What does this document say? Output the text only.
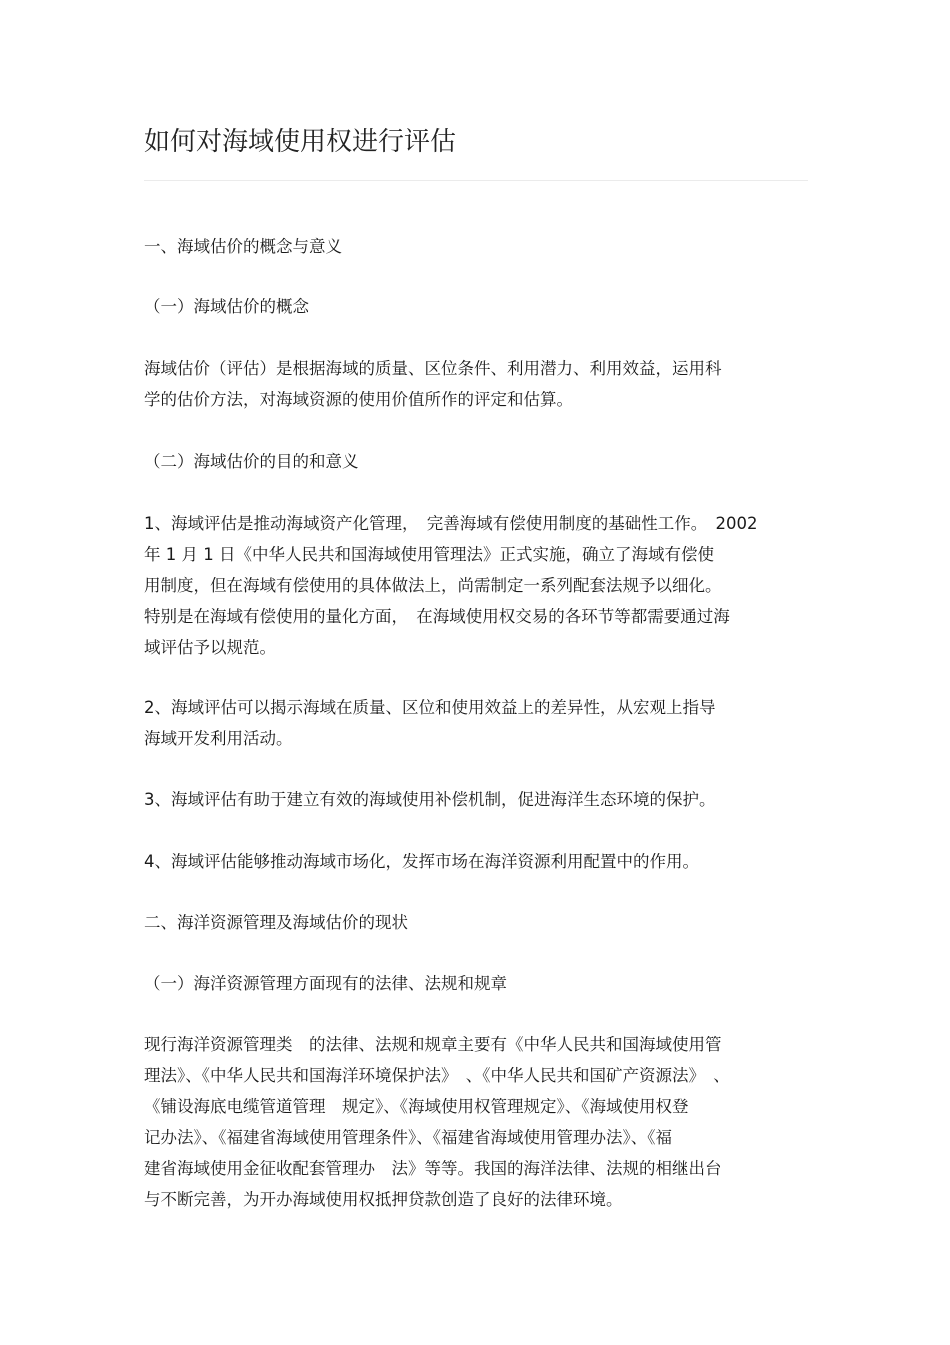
如何对海域使用权进行评估
一、海域估价的概念与意义
（一）海域估价的概念
海域估价（评估）是根据海域的质量、区位条件、利用潜力、利用效益，运用科
学的估价方法，对海域资源的使用价值所作的评定和估算。
（二）海域估价的目的和意义
1、海域评估是推动海域资产化管理，　完善海域有偿使用制度的基础性工作。　2002
年 1 月 1 日《中华人民共和国海域使用管理法》正式实施，确立了海域有偿使
用制度，但在海域有偿使用的具体做法上，尚需制定一系列配套法规予以细化。
特别是在海域有偿使用的量化方面，　在海域使用权交易的各环节等都需要通过海
域评估予以规范。
2、海域评估可以揭示海域在质量、区位和使用效益上的差异性，从宏观上指导
海域开发利用活动。
3、海域评估有助于建立有效的海域使用补偿机制，促进海洋生态环境的保护。
4、海域评估能够推动海域市场化，发挥市场在海洋资源利用配置中的作用。
二、海洋资源管理及海域估价的现状
（一）海洋资源管理方面现有的法律、法规和规章
现行海洋资源管理类　的法律、法规和规章主要有《中华人民共和国海域使用管
理法》、《中华人民共和国海洋环境保护法》　、《中华人民共和国矿产资源法》　、
《铺设海底电缆管道管理　规定》、《海域使用权管理规定》、《海域使用权登
记办法》、《福建省海域使用管理条件》、《福建省海域使用管理办法》、《福
建省海域使用金征收配套管理办　法》等等。我国的海洋法律、法规的相继出台
与不断完善，为开办海域使用权抵押贷款创造了良好的法律环境。
